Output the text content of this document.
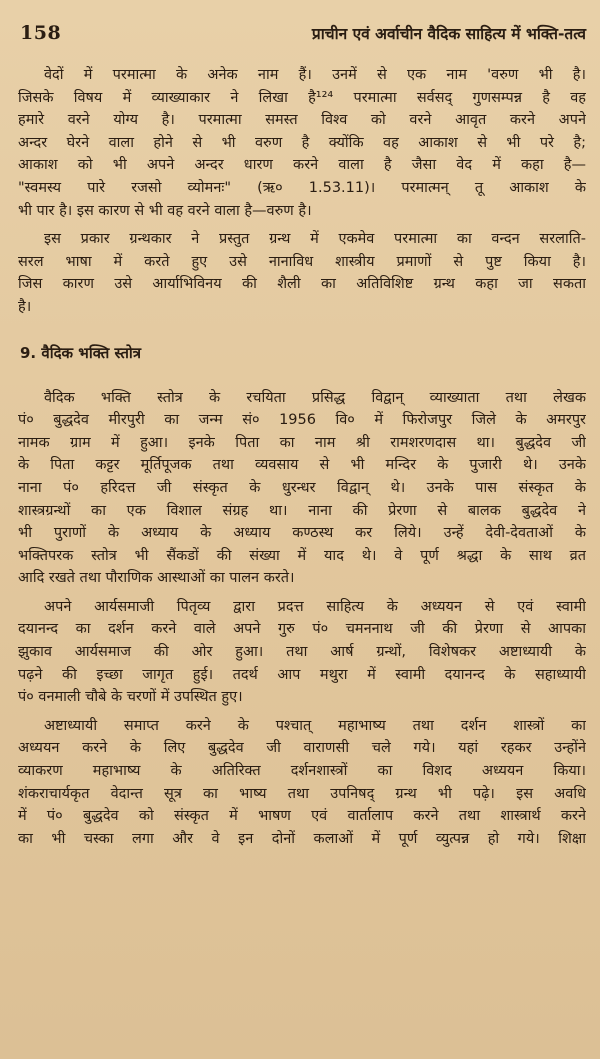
158	प्राचीन एवं अर्वाचीन वैदिक साहित्य में भक्ति-तत्व
वेदों में परमात्मा के अनेक नाम हैं। उनमें से एक नाम 'वरुण भी है।
जिसके विषय में व्याख्याकार ने लिखा है¹²⁴ परमात्मा सर्वसद् गुणसम्पन्न है वह
हमारे वरने योग्य है। परमात्मा समस्त विश्व को वरने आवृत करने अपने
अन्दर घेरने वाला होने से भी वरुण है क्योंकि वह आकाश से भी परे है;
आकाश को भी अपने अन्दर धारण करने वाला है जैसा वेद में कहा है—
"स्वमस्य पारे रजसो व्योमनः" (ऋ० 1.53.11)। परमात्मन् तू आकाश के
भी पार है। इस कारण से भी वह वरने वाला है—वरुण है।
इस प्रकार ग्रन्थकार ने प्रस्तुत ग्रन्थ में एकमेव परमात्मा का वन्दन सरलाति-
सरल भाषा में करते हुए उसे नानाविध शास्त्रीय प्रमाणों से पुष्ट किया है।
जिस कारण उसे आर्याभिविनय की शैली का अतिविशिष्ट ग्रन्थ कहा जा सकता
है।
9. वैदिक भक्ति स्तोत्र
वैदिक भक्ति स्तोत्र के रचयिता प्रसिद्ध विद्वान् व्याख्याता तथा लेखक
पं० बुद्धदेव मीरपुरी का जन्म सं० 1956 वि० में फिरोजपुर जिले के अमरपुर
नामक ग्राम में हुआ। इनके पिता का नाम श्री रामशरणदास था। बुद्धदेव जी
के पिता कट्टर मूर्तिपूजक तथा व्यवसाय से भी मन्दिर के पुजारी थे। उनके
नाना पं० हरिदत्त जी संस्कृत के धुरन्धर विद्वान् थे। उनके पास संस्कृत के
शास्त्रग्रन्थों का एक विशाल संग्रह था। नाना की प्रेरणा से बालक बुद्धदेव ने
भी पुराणों के अध्याय के अध्याय कण्ठस्थ कर लिये। उन्हें देवी-देवताओं के
भक्तिपरक स्तोत्र भी सैंकडों की संख्या में याद थे। वे पूर्ण श्रद्धा के साथ व्रत
आदि रखते तथा पौराणिक आस्थाओं का पालन करते।
अपने आर्यसमाजी पितृव्य द्वारा प्रदत्त साहित्य के अध्ययन से एवं स्वामी
दयानन्द का दर्शन करने वाले अपने गुरु पं० चमननाथ जी की प्रेरणा से आपका
झुकाव आर्यसमाज की ओर हुआ। तथा आर्ष ग्रन्थों, विशेषकर अष्टाध्यायी के
पढ़ने की इच्छा जागृत हुई। तदर्थ आप मथुरा में स्वामी दयानन्द के सहाध्यायी
पं० वनमाली चौबे के चरणों में उपस्थित हुए।
अष्टाध्यायी समाप्त करने के पश्चात् महाभाष्य तथा दर्शन शास्त्रों का
अध्ययन करने के लिए बुद्धदेव जी वाराणसी चले गये। यहां रहकर उन्होंने
व्याकरण महाभाष्य के अतिरिक्त दर्शनशास्त्रों का विशद अध्ययन किया।
शंकराचार्यकृत वेदान्त सूत्र का भाष्य तथा उपनिषद् ग्रन्थ भी पढ़े। इस अवधि
में पं० बुद्धदेव को संस्कृत में भाषण एवं वार्तालाप करने तथा शास्त्रार्थ करने
का भी चस्का लगा और वे इन दोनों कलाओं में पूर्ण व्युत्पन्न हो गये। शिक्षा
